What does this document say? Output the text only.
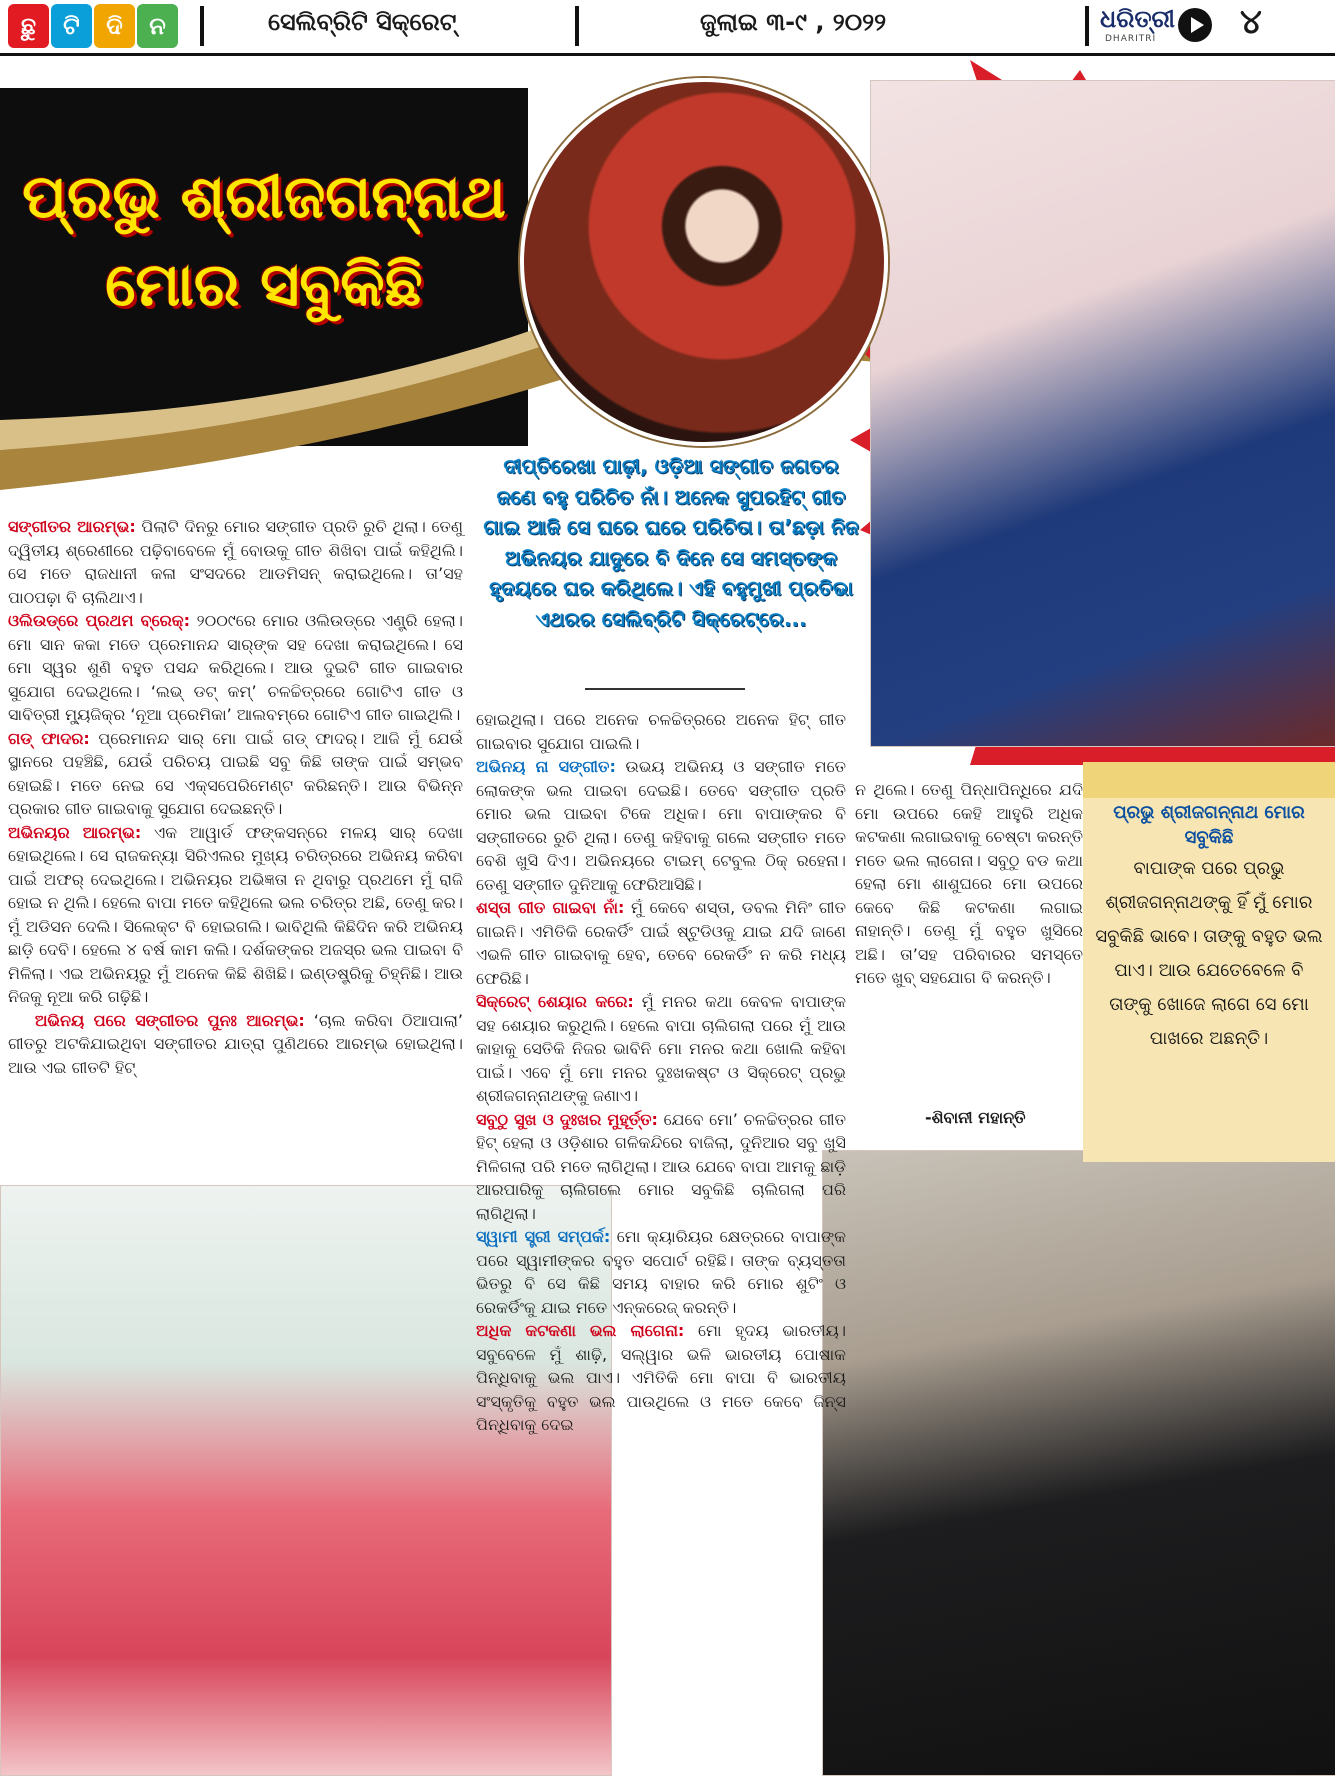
ଛୁ	ଟି	ଦି	ନ	ସେଲିବ୍ରିଟି ସିକ୍ରେଟ୍	ଜୁଲାଇ ୩-୯ , ୨୦୨୨	ଧରିତ୍ରୀ
DHARITRI ୪
ପ୍ରଭୁ ଶ୍ରୀଜଗନ୍ନାଥ
ମୋର ସବୁକିଛି
ଦୀପ୍ତିରେଖା ପାଢ଼ୀ, ଓଡ଼ିଆ ସଙ୍ଗୀତ ଜଗତର ଜଣେ ବହୁ ପରିଚିତ ନାଁ। ଅନେକ ସୁପରହିଟ୍ ଗୀତ ଗାଇ ଆଜି ସେ ଘରେ ଘରେ ପରିଚିତା। ତା’ଛଡ଼ା ନିଜ ଅଭିନୟର ଯାଦୁରେ ବି ଦିନେ ସେ ସମସ୍ତଙ୍କ ହୃଦୟରେ ଘର କରିଥିଲେ। ଏହି ବହୁମୁଖୀ ପ୍ରତିଭା ଏଥରର ସେଲିବ୍ରିଟି ସିକ୍ରେଟ୍‌ରେ...
ସଙ୍ଗୀତର ଆରମ୍ଭ: ପିଲାଟି ଦିନରୁ ମୋର ସଙ୍ଗୀତ ପ୍ରତି ରୁଚି ଥିଲା। ତେଣୁ ଦ୍ୱିତୀୟ ଶ୍ରେଣୀରେ ପଢ଼ିବାବେଳେ ମୁଁ ବୋଉକୁ ଗୀତ ଶିଖିବା ପାଇଁ କହିଥିଲି। ସେ ମତେ ରାଜଧାନୀ କଳା ସଂସଦରେ ଆଡମିସନ୍ କରାଇଥିଲେ। ତା’ସହ ପାଠପଢ଼ା ବି ଚାଲିଥାଏ।
ଓଲିଉଡ୍‌ରେ ପ୍ରଥମ ବ୍ରେକ୍: ୨୦୦୯ରେ ମୋର ଓଲିଉଡ୍‌ରେ ଏଣ୍ଟ୍ରି ହେଲା। ମୋ ସାନ କକା ମତେ ପ୍ରେମାନନ୍ଦ ସାର୍‌ଙ୍କ ସହ ଦେଖା କରାଇଥିଲେ। ସେ ମୋ ସ୍ୱର ଶୁଣି ବହୁତ ପସନ୍ଦ କରିଥିଲେ। ଆଉ ଦୁଇଟି ଗୀତ ଗାଇବାର ସୁଯୋଗ ଦେଇଥିଲେ। ‘ଲଭ୍ ଡଟ୍ କମ୍’ ଚଳଚ୍ଚିତ୍ରରେ ଗୋଟିଏ ଗୀତ ଓ ସାବିତ୍ରୀ ମ୍ୟୁଜିକ୍‌ର ‘ନୂଆ ପ୍ରେମିକା’ ଆଲବମ୍‌ରେ ଗୋଟିଏ ଗୀତ ଗାଇଥିଲି।
ଗଡ୍ ଫାଦର: ପ୍ରେମାନନ୍ଦ ସାର୍ ମୋ ପାଇଁ ଗଡ୍ ଫାଦର୍। ଆଜି ମୁଁ ଯେଉଁ ସ୍ଥାନରେ ପହଞ୍ଚିଛି, ଯେଉଁ ପରିଚୟ ପାଇଛି ସବୁ କିଛି ତାଙ୍କ ପାଇଁ ସମ୍ଭବ ହୋଇଛି। ମତେ ନେଇ ସେ ଏକ୍ସପେରିମେଣ୍ଟ କରିଛନ୍ତି। ଆଉ ବିଭିନ୍ନ ପ୍ରକାର ଗୀତ ଗାଇବାକୁ ସୁଯୋଗ ଦେଇଛନ୍ତି।
ଅଭିନୟର ଆରମ୍ଭ: ଏକ ଆୱାର୍ଡ ଫଙ୍କସନ୍‌ରେ ମଳୟ ସାର୍ ଦେଖା ହୋଇଥିଲେ। ସେ ରାଜକନ୍ୟା ସିରିଏଲର ମୁଖ୍ୟ ଚରିତ୍ରରେ ଅଭିନୟ କରିବା ପାଇଁ ଅଫର୍ ଦେଇଥିଲେ। ଅଭିନୟର ଅଭିଜ୍ଞତା ନ ଥିବାରୁ ପ୍ରଥମେ ମୁଁ ରାଜି ହୋଇ ନ ଥିଲି। ହେଲେ ବାପା ମତେ କହିଥିଲେ ଭଲ ଚରିତ୍ର ଅଛି, ତେଣୁ କର। ମୁଁ ଅଡିସନ ଦେଲି। ସିଲେକ୍ଟ ବି ହୋଇଗଲି। ଭାବିଥିଲି କିଛିଦିନ କରି ଅଭିନୟ ଛାଡ଼ି ଦେବି। ହେଲେ ୪ ବର୍ଷ କାମ କଲି। ଦର୍ଶକଙ୍କର ଅଜସ୍ର ଭଲ ପାଇବା ବି ମିଳିଲା। ଏଇ ଅଭିନୟରୁ ମୁଁ ଅନେକ କିଛି ଶିଖିଛି। ଇଣ୍ଡଷ୍ଟ୍ରିକୁ ଚିହ୍ନିଛି। ଆଉ ନିଜକୁ ନୂଆ କରି ଗଢ଼ିଛି।
ଅଭିନୟ ପରେ ସଙ୍ଗୀତର ପୁନଃ ଆରମ୍ଭ: ‘ଚାଲ କରିବା ଠିଆପାଲା’ ଗୀତରୁ ଅଟକିଯାଇଥିବା ସଙ୍ଗୀତର ଯାତ୍ରା ପୁଣିଥରେ ଆରମ୍ଭ ହୋଇଥିଲା। ଆଉ ଏଇ ଗୀତଟି ହିଟ୍
ହୋଇଥିଲା। ପରେ ଅନେକ ଚଳଚ୍ଚିତ୍ରରେ ଅନେକ ହିଟ୍ ଗୀତ ଗାଇବାର ସୁଯୋଗ ପାଇଲି।
ଅଭିନୟ ନା ସଙ୍ଗୀତ: ଉଭୟ ଅଭିନୟ ଓ ସଙ୍ଗୀତ ମତେ ଲୋକଙ୍କ ଭଲ ପାଇବା ଦେଇଛି। ତେବେ ସଙ୍ଗୀତ ପ୍ରତି ମୋର ଭଲ ପାଇବା ଟିକେ ଅଧିକ। ମୋ ବାପାଙ୍କର ବି ସଙ୍ଗୀତରେ ରୁଚି ଥିଲା। ତେଣୁ କହିବାକୁ ଗଲେ ସଙ୍ଗୀତ ମତେ ବେଶି ଖୁସି ଦିଏ। ଅଭିନୟରେ ଟାଇମ୍ ଟେବୁଲ ଠିକ୍ ରହେନା। ତେଣୁ ସଙ୍ଗୀତ ଦୁନିଆକୁ ଫେରିଆସିଛି।
ଶସ୍ତା ଗୀତ ଗାଇବା ନାଁ: ମୁଁ କେବେ ଶସ୍ତା, ଡବଲ ମିନିଂ ଗୀତ ଗାଇନି। ଏମିତିକି ରେକର୍ଡିଂ ପାଇଁ ଷ୍ଟୁଡିଓକୁ ଯାଇ ଯଦି ଜାଣେ ଏଭଳି ଗୀତ ଗାଇବାକୁ ହେବ, ତେବେ ରେକର୍ଡିଂ ନ କରି ମଧ୍ୟ ଫେରିଛି।
ସିକ୍ରେଟ୍ ଶେୟାର କରେ: ମୁଁ ମନର କଥା କେବଳ ବାପାଙ୍କ ସହ ଶେୟାର କରୁଥିଲି। ହେଲେ ବାପା ଚାଲିଗଲା ପରେ ମୁଁ ଆଉ କାହାକୁ ସେତିକି ନିଜର ଭାବିନି ମୋ ମନର କଥା ଖୋଲି କହିବା ପାଇଁ। ଏବେ ମୁଁ ମୋ ମନର ଦୁଃଖକଷ୍ଟ ଓ ସିକ୍ରେଟ୍ ପ୍ରଭୁ ଶ୍ରୀଜଗନ୍ନାଥଙ୍କୁ ଜଣାଏ।
ସବୁଠୁ ସୁଖ ଓ ଦୁଃଖର ମୁହୂର୍ତ୍ତ: ଯେବେ ମୋ’ ଚଳଚ୍ଚିତ୍ରର ଗୀତ ହିଟ୍ ହେଲା ଓ ଓଡ଼ିଶାର ଗଳିକନ୍ଦିରେ ବାଜିଲା, ଦୁନିଆର ସବୁ ଖୁସି ମିଳିଗଲା ପରି ମତେ ଲାଗିଥିଲା। ଆଉ ଯେବେ ବାପା ଆମକୁ ଛାଡ଼ି ଆରପାରିକୁ ଚାଲିଗଲେ ମୋର ସବୁକିଛି ଚାଲିଗଲା ପରି ଲାଗିଥିଲା।
ସ୍ୱାମୀ ସ୍ତ୍ରୀ ସମ୍ପର୍କ: ମୋ କ୍ୟାରିୟର କ୍ଷେତ୍ରରେ ବାପାଙ୍କ ପରେ ସ୍ୱାମୀଙ୍କର ବହୁତ ସପୋର୍ଟ ରହିଛି। ତାଙ୍କ ବ୍ୟସ୍ତତା ଭିତରୁ ବି ସେ କିଛି ସମୟ ବାହାର କରି ମୋର ଶୁଟିଂ ଓ ରେକର୍ଡିଂକୁ ଯାଇ ମତେ ଏନ୍‌କରେଜ୍ କରନ୍ତି।
ଅଧିକ କଟକଣା ଭଲ ଲାଗେନା: ମୋ ହୃଦୟ ଭାରତୀୟ। ସବୁବେଳେ ମୁଁ ଶାଢ଼ି, ସଲ୍‌ୱାର ଭଳି ଭାରତୀୟ ପୋଷାକ ପିନ୍ଧିବାକୁ ଭଲ ପାଏ। ଏମିତିକି ମୋ ବାପା ବି ଭାରତୀୟ ସଂସ୍କୃତିକୁ ବହୁତ ଭଲ ପାଉଥିଲେ ଓ ମତେ କେବେ ଜିନ୍ସ ପିନ୍ଧିବାକୁ ଦେଇ
ନ ଥିଲେ। ତେଣୁ ପିନ୍ଧାପିନ୍ଧିରେ ଯଦି ମୋ ଉପରେ କେହି ଆହୁରି ଅଧିକ କଟକଣା ଲଗାଇବାକୁ ଚେଷ୍ଟା କରନ୍ତି ମତେ ଭଲ ଲାଗେନା। ସବୁଠୁ ବଡ କଥା ହେଲା ମୋ ଶାଶୁଘରେ ମୋ ଉପରେ କେବେ କିଛି କଟକଣା ଲଗାଇ ନାହାନ୍ତି। ତେଣୁ ମୁଁ ବହୁତ ଖୁସିରେ ଅଛି। ତା’ସହ ପରିବାରର ସମସ୍ତେ ମତେ ଖୁବ୍ ସହଯୋଗ ବି କରନ୍ତି।
-ଶିବାନୀ ମହାନ୍ତି
ପ୍ରଭୁ ଶ୍ରୀଜଗନ୍ନାଥ ମୋର ସବୁକିଛି
ବାପାଙ୍କ ପରେ ପ୍ରଭୁ ଶ୍ରୀଜଗନ୍ନାଥଙ୍କୁ ହିଁ ମୁଁ ମୋର ସବୁକିଛି ଭାବେ। ତାଙ୍କୁ ବହୁତ ଭଲ ପାଏ। ଆଉ ଯେତେବେଳେ ବି ତାଙ୍କୁ ଖୋଜେ ଲାଗେ ସେ ମୋ ପାଖରେ ଅଛନ୍ତି।
